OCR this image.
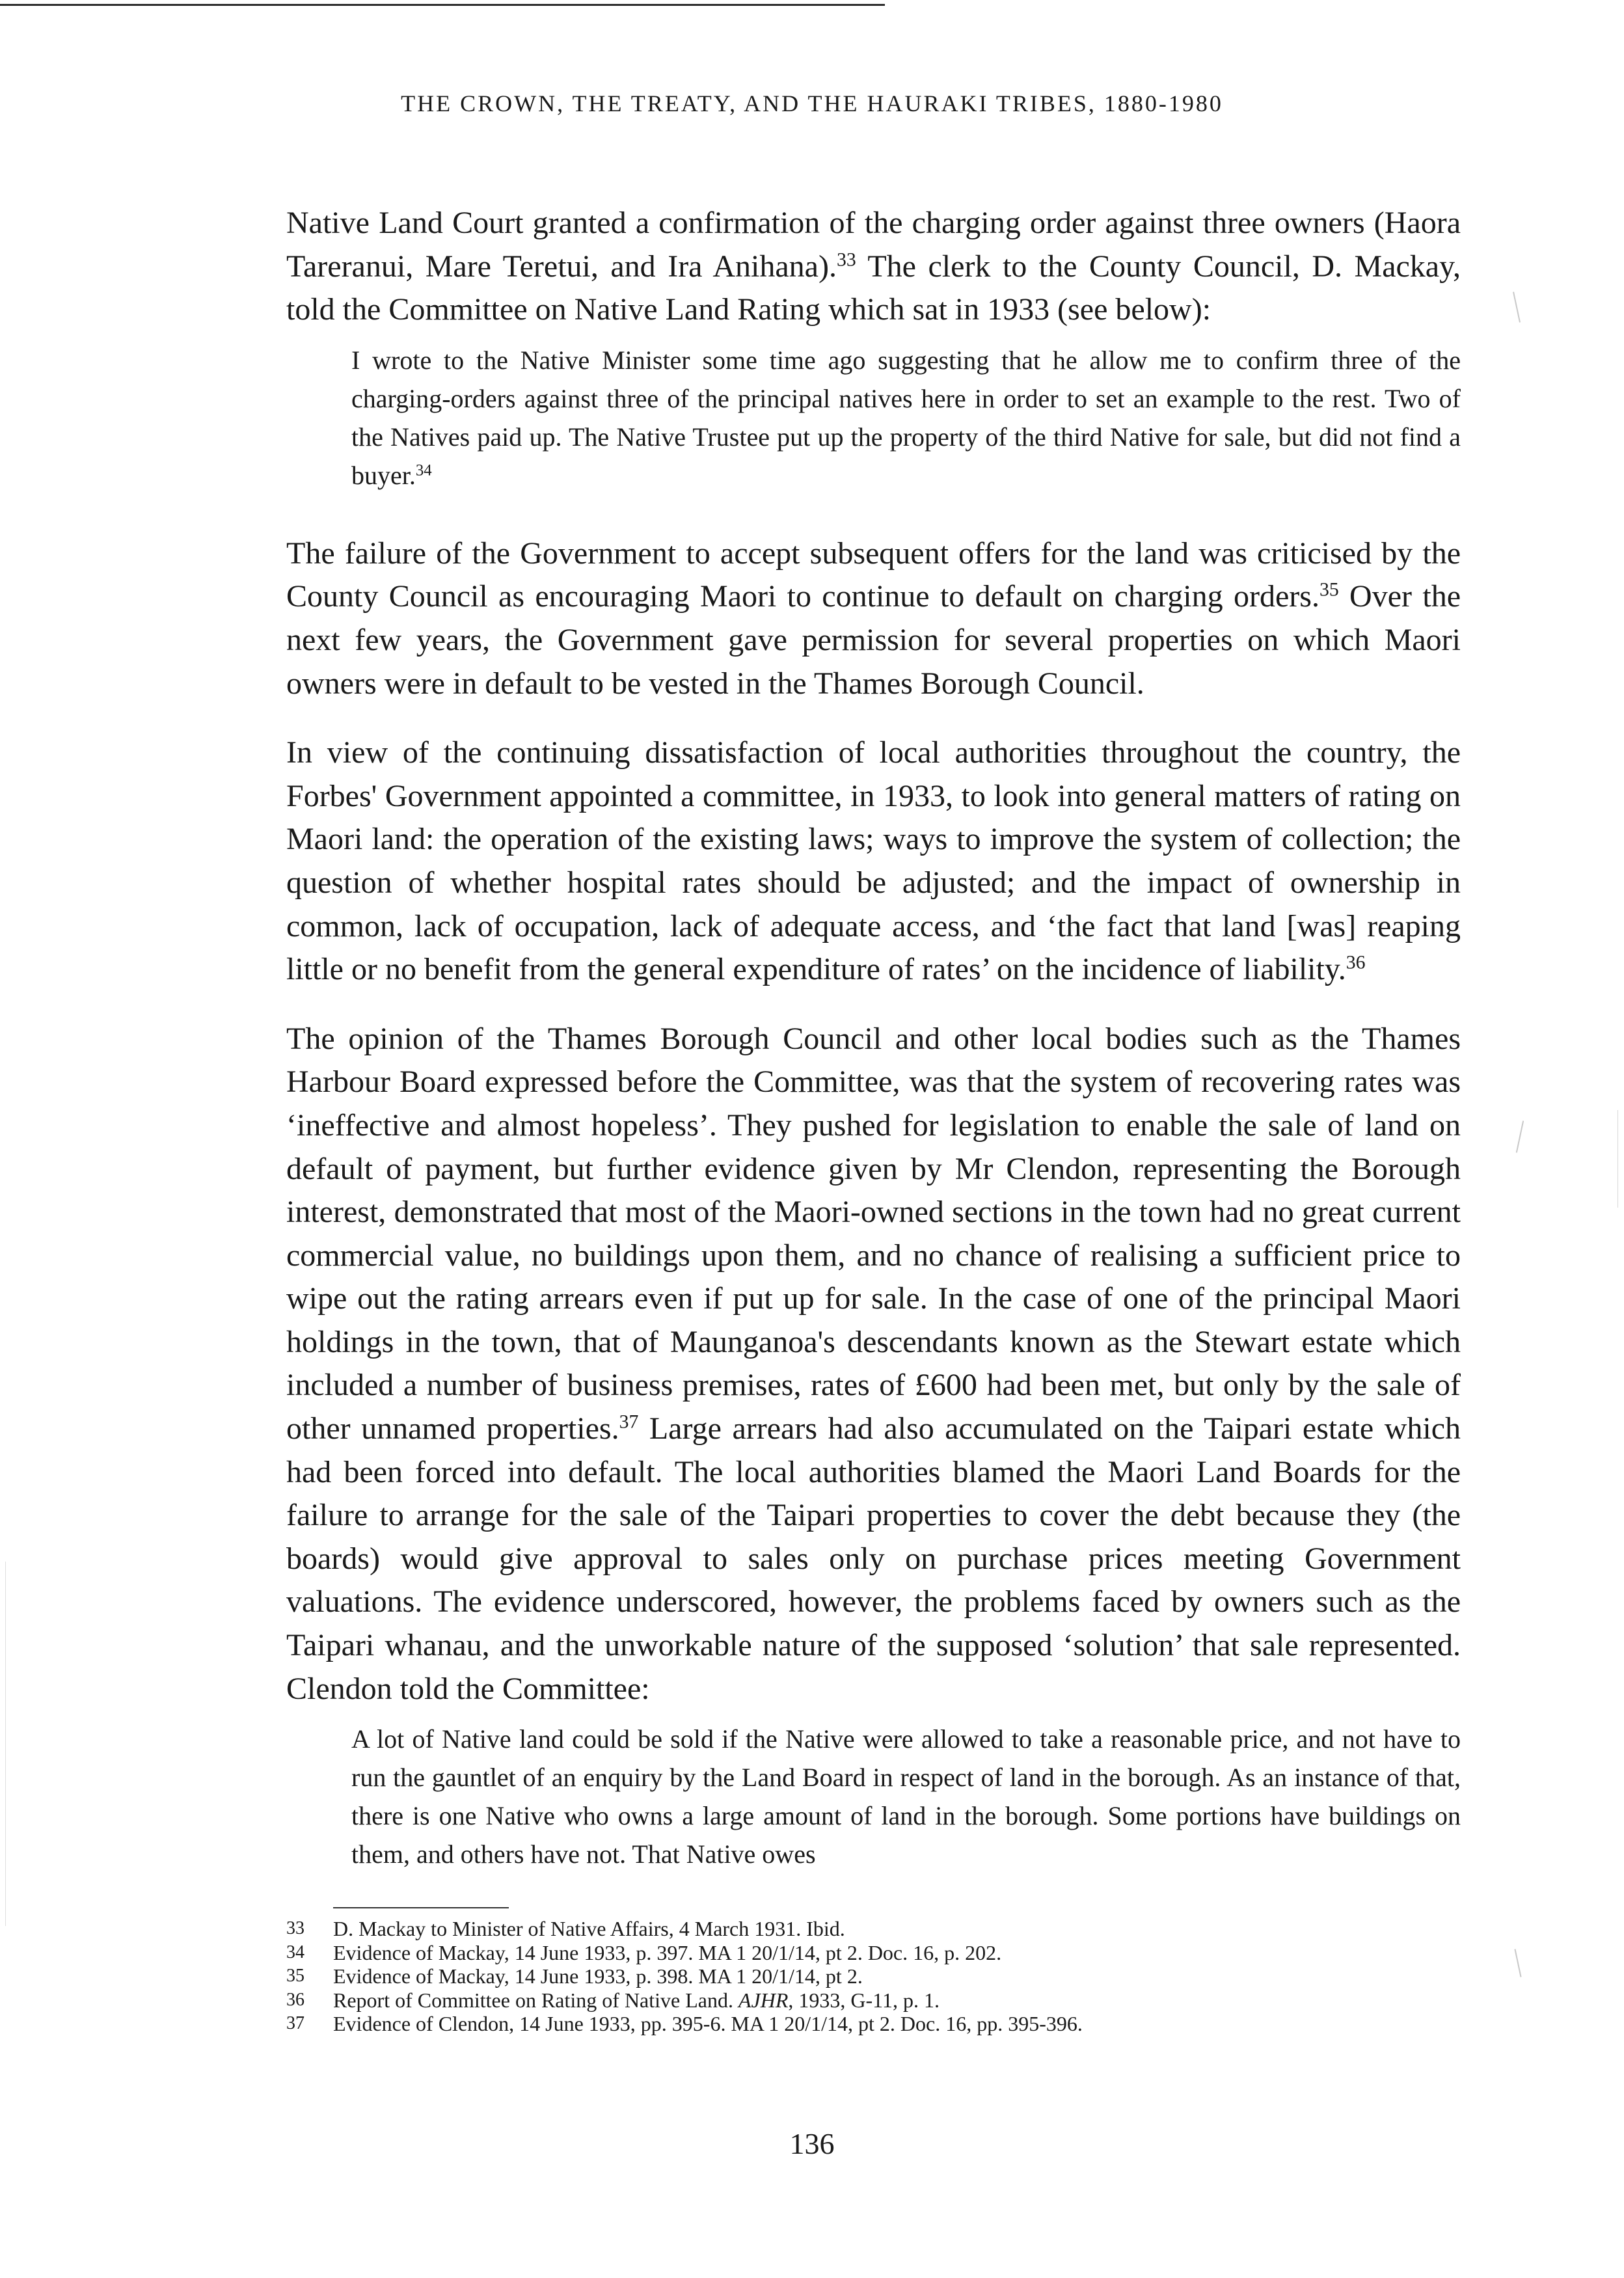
THE CROWN, THE TREATY, AND THE HAURAKI TRIBES, 1880-1980

Native Land Court granted a confirmation of the charging order against three owners (Haora Tareranui, Mare Teretui, and Ira Anihana).$^{33}$ The clerk to the County Council, D. Mackay, told the Committee on Native Land Rating which sat in 1933 (see below):

I wrote to the Native Minister some time ago suggesting that he allow me to confirm three of the charging-orders against three of the principal natives here in order to set an example to the rest. Two of the Natives paid up. The Native Trustee put up the property of the third Native for sale, but did not find a buyer.$^{34}$

The failure of the Government to accept subsequent offers for the land was criticised by the County Council as encouraging Maori to continue to default on charging orders.$^{35}$ Over the next few years, the Government gave permission for several properties on which Maori owners were in default to be vested in the Thames Borough Council.

In view of the continuing dissatisfaction of local authorities throughout the country, the Forbes' Government appointed a committee, in 1933, to look into general matters of rating on Maori land: the operation of the existing laws; ways to improve the system of collection; the question of whether hospital rates should be adjusted; and the impact of ownership in common, lack of occupation, lack of adequate access, and ‘the fact that land [was] reaping little or no benefit from the general expenditure of rates’ on the incidence of liability.$^{36}$

The opinion of the Thames Borough Council and other local bodies such as the Thames Harbour Board expressed before the Committee, was that the system of recovering rates was ‘ineffective and almost hopeless’. They pushed for legislation to enable the sale of land on default of payment, but further evidence given by Mr Clendon, representing the Borough interest, demonstrated that most of the Maori-owned sections in the town had no great current commercial value, no buildings upon them, and no chance of realising a sufficient price to wipe out the rating arrears even if put up for sale. In the case of one of the principal Maori holdings in the town, that of Maunganoa's descendants known as the Stewart estate which included a number of business premises, rates of £600 had been met, but only by the sale of other unnamed properties.$^{37}$ Large arrears had also accumulated on the Taipari estate which had been forced into default. The local authorities blamed the Maori Land Boards for the failure to arrange for the sale of the Taipari properties to cover the debt because they (the boards) would give approval to sales only on purchase prices meeting Government valuations. The evidence underscored, however, the problems faced by owners such as the Taipari whanau, and the unworkable nature of the supposed ‘solution’ that sale represented. Clendon told the Committee:

A lot of Native land could be sold if the Native were allowed to take a reasonable price, and not have to run the gauntlet of an enquiry by the Land Board in respect of land in the borough. As an instance of that, there is one Native who owns a large amount of land in the borough. Some portions have buildings on them, and others have not. That Native owes

33	D. Mackay to Minister of Native Affairs, 4 March 1931. Ibid.
34	Evidence of Mackay, 14 June 1933, p. 397. MA 1 20/1/14, pt 2. Doc. 16, p. 202.
35	Evidence of Mackay, 14 June 1933, p. 398. MA 1 20/1/14, pt 2.
36	Report of Committee on Rating of Native Land. AJHR, 1933, G-11, p. 1.
37	Evidence of Clendon, 14 June 1933, pp. 395-6. MA 1 20/1/14, pt 2. Doc. 16, pp. 395-396.
136
